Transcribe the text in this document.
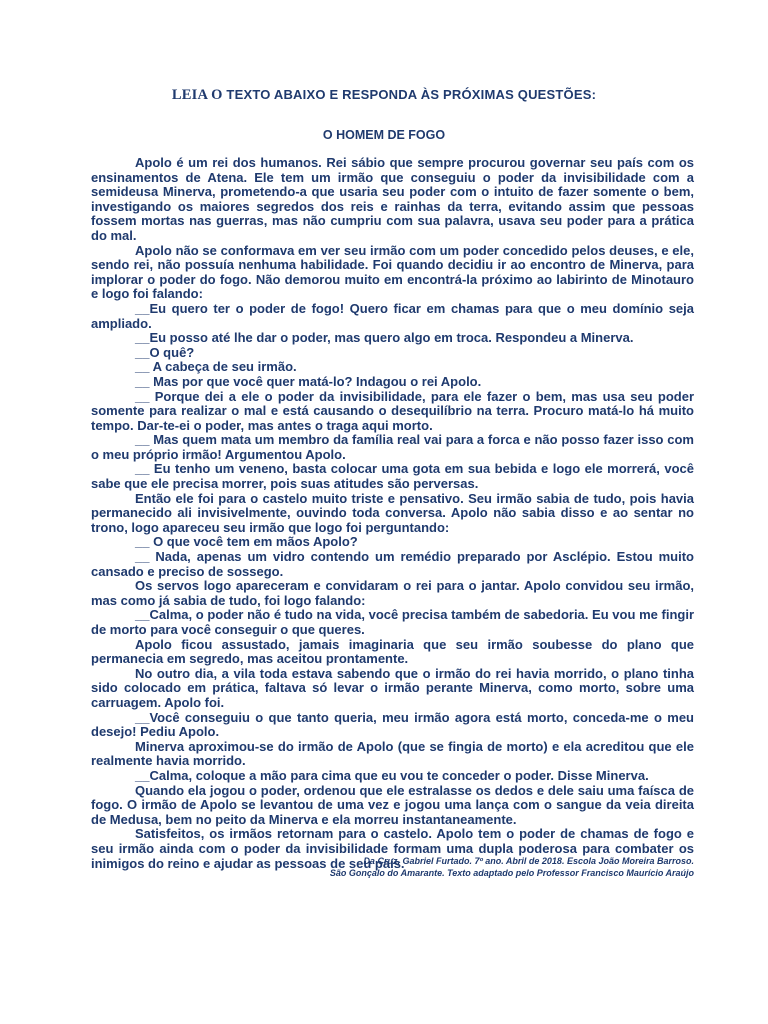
LEIA O TEXTO ABAIXO E RESPONDA ÀS PRÓXIMAS QUESTÕES:
O HOMEM DE FOGO

Apolo é um rei dos humanos. Rei sábio que sempre procurou governar seu país com os ensinamentos de Atena. Ele tem um irmão que conseguiu o poder da invisibilidade com a semideusa Minerva, prometendo-a que usaria seu poder com o intuito de fazer somente o bem, investigando os maiores segredos dos reis e rainhas da terra, evitando assim que pessoas fossem mortas nas guerras, mas não cumpriu com sua palavra, usava seu poder para a prática do mal.

Apolo não se conformava em ver seu irmão com um poder concedido pelos deuses, e ele, sendo rei, não possuía nenhuma habilidade. Foi quando decidiu ir ao encontro de Minerva, para implorar o poder do fogo. Não demorou muito em encontrá-la próximo ao labirinto de Minotauro e logo foi falando:

__Eu quero ter o poder de fogo! Quero ficar em chamas para que o meu domínio seja ampliado.

__Eu posso até lhe dar o poder, mas quero algo em troca. Respondeu a Minerva.

__O quê?

__ A cabeça de seu irmão.

__ Mas por que você quer matá-lo? Indagou o rei Apolo.

__ Porque dei a ele o poder da invisibilidade, para ele fazer o bem, mas usa seu poder somente para realizar o mal e está causando o desequilíbrio na terra. Procuro matá-lo há muito tempo. Dar-te-ei o poder, mas antes o traga aqui morto.

__ Mas quem mata um membro da família real vai para a forca e não posso fazer isso com o meu próprio irmão! Argumentou Apolo.

__ Eu tenho um veneno, basta colocar uma gota em sua bebida e logo ele morrerá, você sabe que ele precisa morrer, pois suas atitudes são perversas.

Então ele foi para o castelo muito triste e pensativo. Seu irmão sabia de tudo, pois havia permanecido ali invisivelmente, ouvindo toda conversa. Apolo não sabia disso e ao sentar no trono, logo apareceu seu irmão que logo foi perguntando:

__ O que você tem em mãos Apolo?

__ Nada, apenas um vidro contendo um remédio preparado por Asclépio. Estou muito cansado e preciso de sossego.

Os servos logo apareceram e convidaram o rei para o jantar. Apolo convidou seu irmão, mas como já sabia de tudo, foi logo falando:

__Calma, o poder não é tudo na vida, você precisa também de sabedoria. Eu vou me fingir de morto para você conseguir o que queres.

Apolo ficou assustado, jamais imaginaria que seu irmão soubesse do plano que permanecia em segredo, mas aceitou prontamente.

No outro dia, a vila toda estava sabendo que o irmão do rei havia morrido, o plano tinha sido colocado em prática, faltava só levar o irmão perante Minerva, como morto, sobre uma carruagem. Apolo foi.

__Você conseguiu o que tanto queria, meu irmão agora está morto, conceda-me o meu desejo! Pediu Apolo.

Minerva aproximou-se do irmão de Apolo (que se fingia de morto) e ela acreditou que ele realmente havia morrido.

__Calma, coloque a mão para cima que eu vou te conceder o poder. Disse Minerva.

Quando ela jogou o poder, ordenou que ele estralasse os dedos e dele saiu uma faísca de fogo. O irmão de Apolo se levantou de uma vez e jogou uma lança com o sangue da veia direita de Medusa, bem no peito da Minerva e ela morreu instantaneamente.

Satisfeitos, os irmãos retornam para o castelo. Apolo tem o poder de chamas de fogo e seu irmão ainda com o poder da invisibilidade formam uma dupla poderosa para combater os inimigos do reino e ajudar as pessoas de seu país.

Da Cruz, Gabriel Furtado. 7º ano. Abril de 2018. Escola João Moreira Barroso.
São Gonçalo do Amarante. Texto adaptado pelo Professor Francisco Maurício Araújo
